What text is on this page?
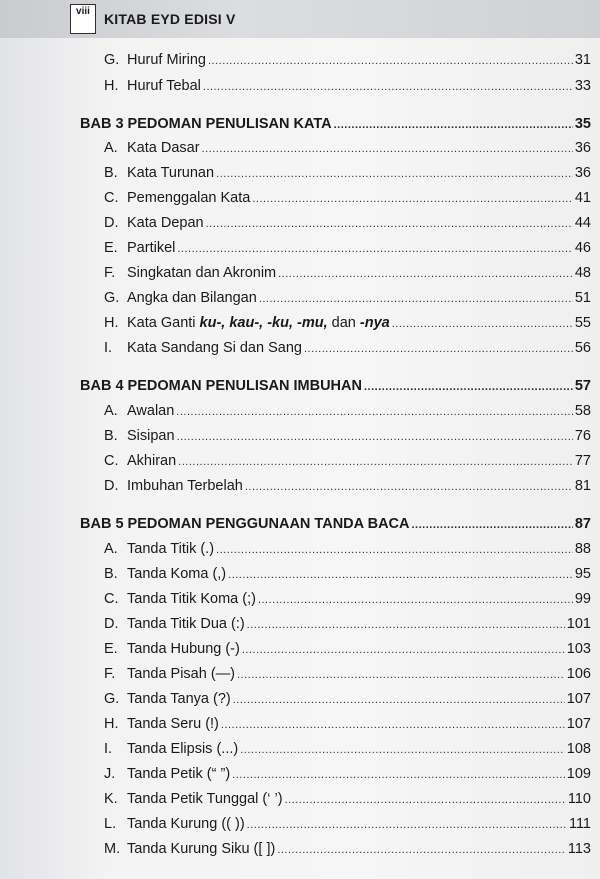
viii	KITAB EYD EDISI V
G. Huruf Miring .....	31
H. Huruf Tebal .....	33
BAB 3 PEDOMAN PENULISAN KATA .....	35
A. Kata Dasar .....	36
B. Kata Turunan .....	36
C. Pemenggalan Kata .....	41
D. Kata Depan .....	44
E. Partikel .....	46
F. Singkatan dan Akronim .....	48
G. Angka dan Bilangan .....	51
H. Kata Ganti ku-, kau-, -ku, -mu, dan -nya .....	55
I.	Kata Sandang Si dan Sang .....	56
BAB 4 PEDOMAN PENULISAN IMBUHAN .....	57
A. Awalan .....	58
B. Sisipan .....	76
C. Akhiran .....	77
D. Imbuhan Terbelah .....	81
BAB 5 PEDOMAN PENGGUNAAN TANDA BACA .....	87
A. Tanda Titik (.) .....	88
B. Tanda Koma (,) .....	95
C. Tanda Titik Koma (;) .....	99
D. Tanda Titik Dua (:) .....	101
E. Tanda Hubung (-) .....	103
F. Tanda Pisah (—) .....	106
G. Tanda Tanya (?) .....	107
H. Tanda Seru (!) .....	107
I.	Tanda Elipsis (...) .....	108
J. Tanda Petik (“ ”) .....	109
K. Tanda Petik Tunggal (‘ ’) .....	110
L. Tanda Kurung (( )) .....	111
M. Tanda Kurung Siku ([ ]) .....	113
